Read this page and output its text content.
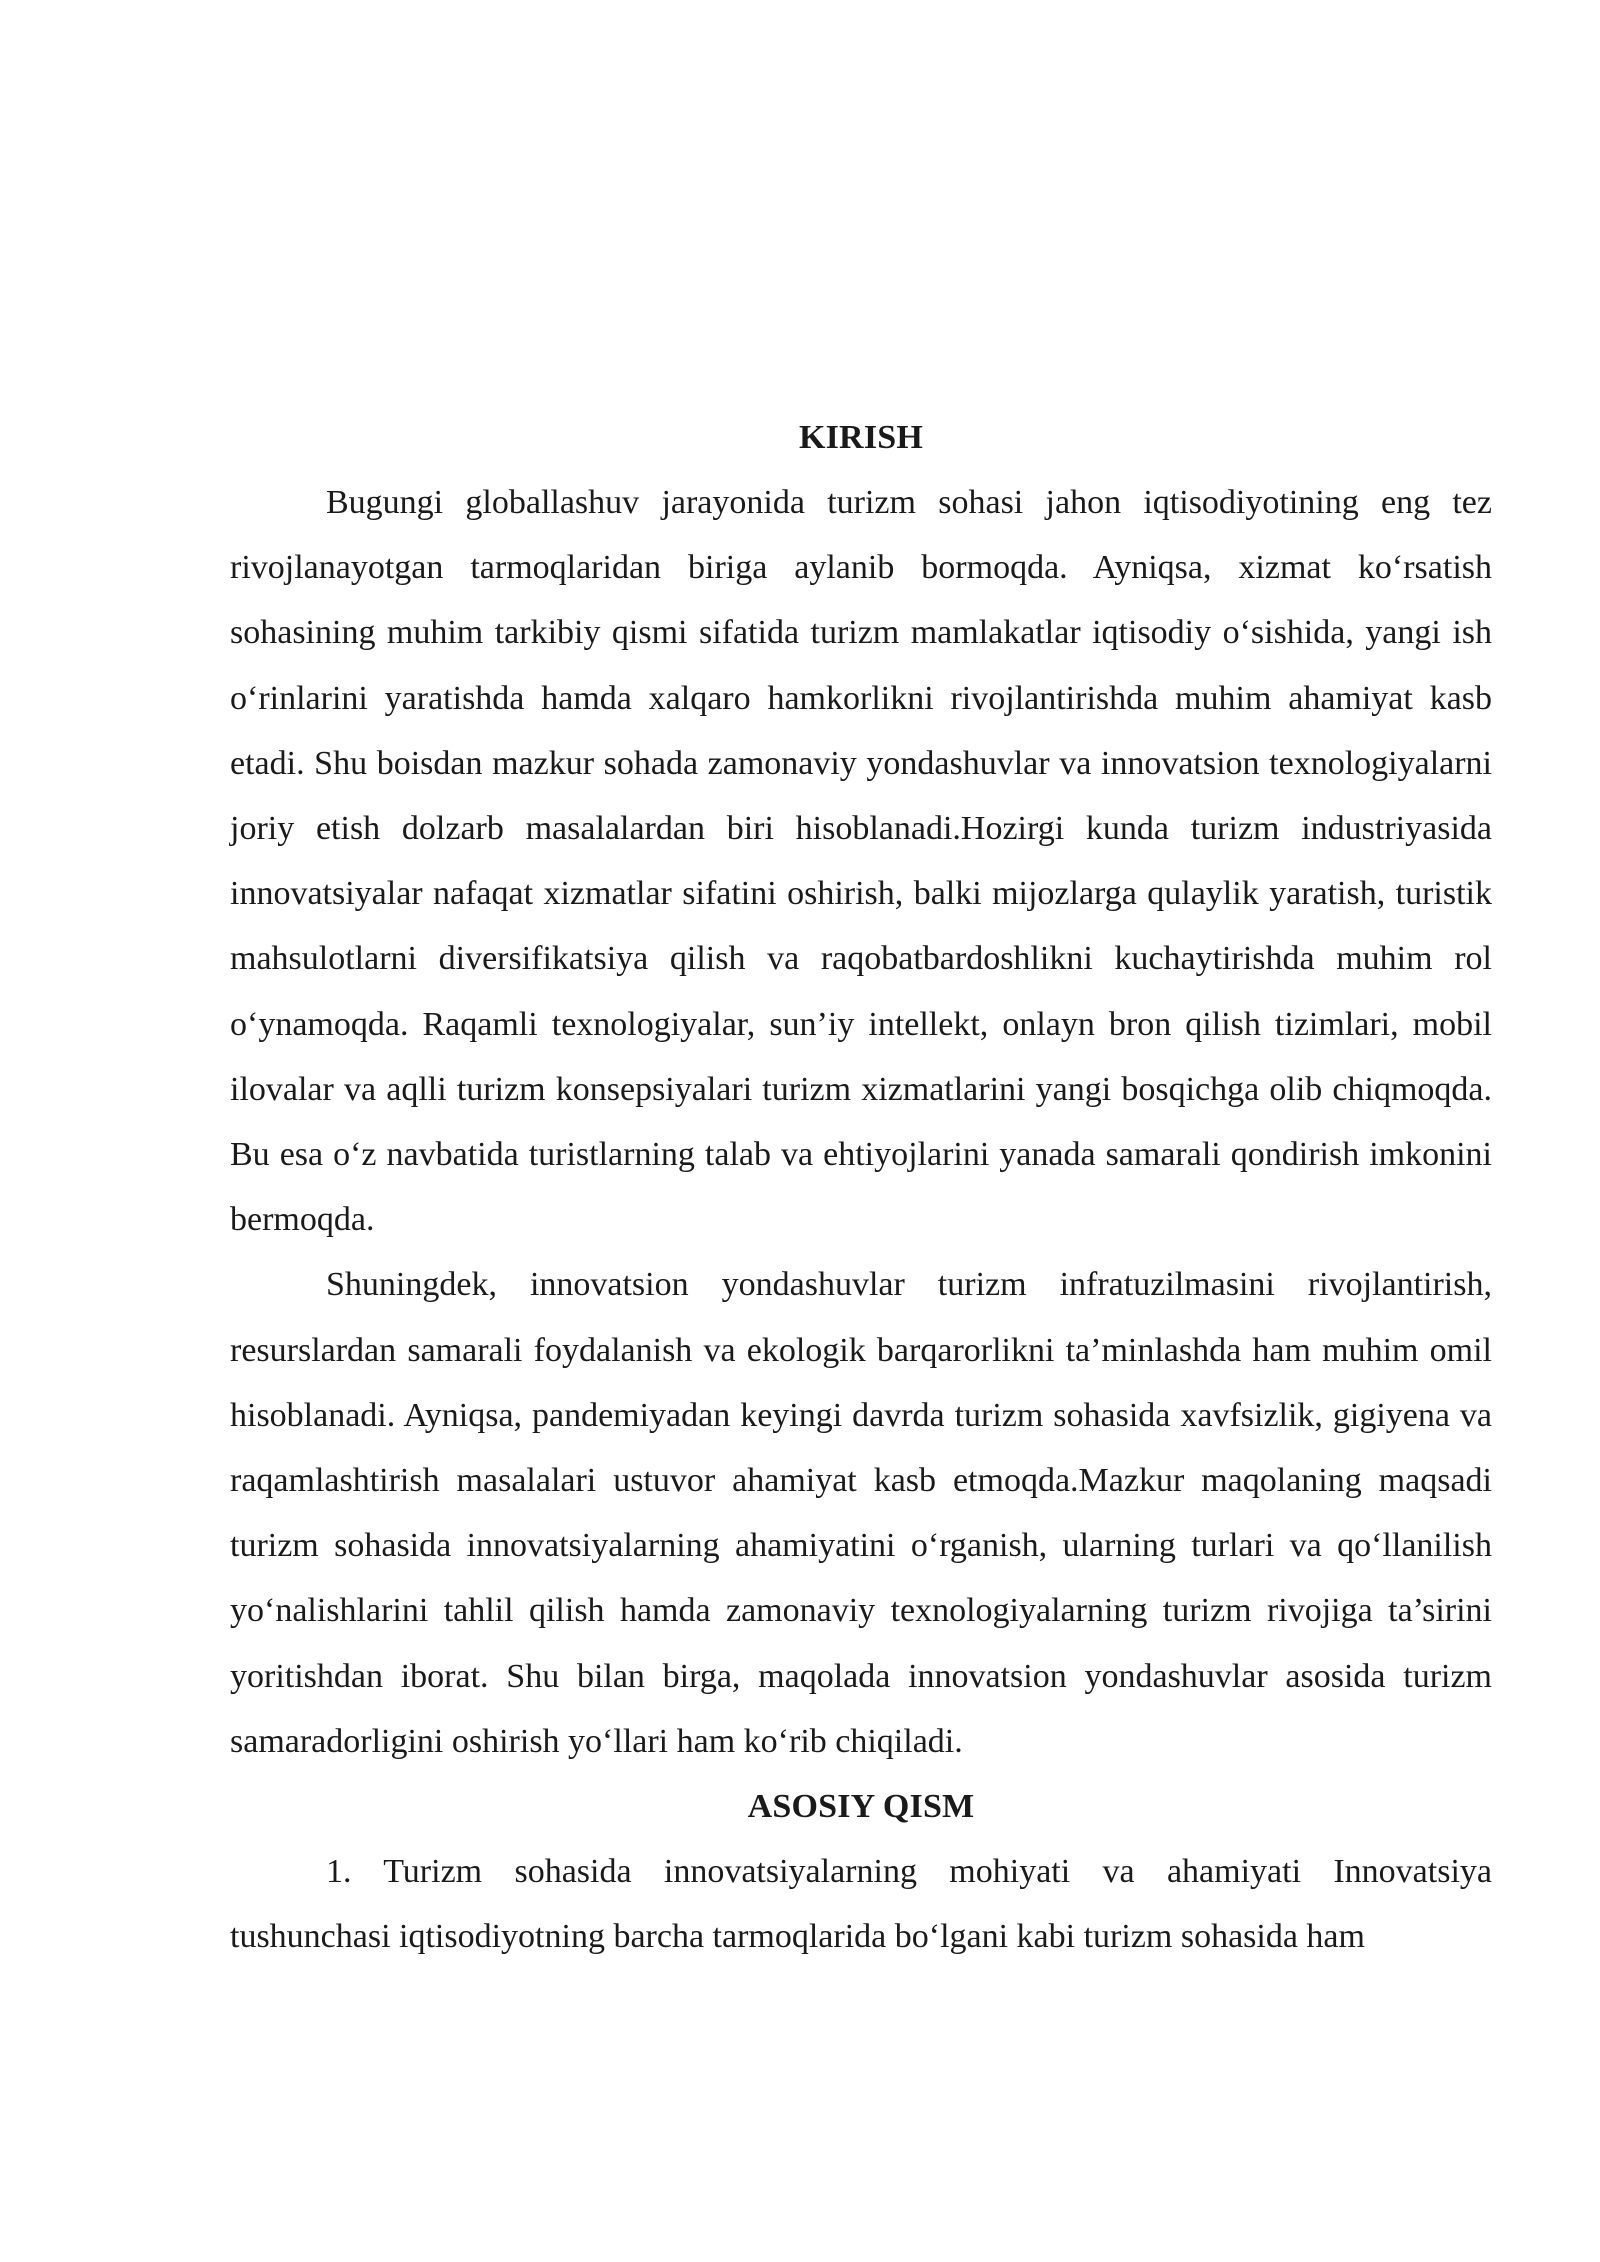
KIRISH

Bugungi globallashuv jarayonida turizm sohasi jahon iqtisodiyotining eng tez rivojlanayotgan tarmoqlaridan biriga aylanib bormoqda. Ayniqsa, xizmat ko‘rsatish sohasining muhim tarkibiy qismi sifatida turizm mamlakatlar iqtisodiy o‘sishida, yangi ish o‘rinlarini yaratishda hamda xalqaro hamkorlikni rivojlantirishda muhim ahamiyat kasb etadi. Shu boisdan mazkur sohada zamonaviy yondashuvlar va innovatsion texnologiyalarni joriy etish dolzarb masalalardan biri hisoblanadi.Hozirgi kunda turizm industriyasida innovatsiyalar nafaqat xizmatlar sifatini oshirish, balki mijozlarga qulaylik yaratish, turistik mahsulotlarni diversifikatsiya qilish va raqobatbardoshlikni kuchaytirishda muhim rol o‘ynamoqda. Raqamli texnologiyalar, sun’iy intellekt, onlayn bron qilish tizimlari, mobil ilovalar va aqlli turizm konsepsiyalari turizm xizmatlarini yangi bosqichga olib chiqmoqda. Bu esa o‘z navbatida turistlarning talab va ehtiyojlarini yanada samarali qondirish imkonini bermoqda.

Shuningdek, innovatsion yondashuvlar turizm infratuzilmasini rivojlantirish, resurslardan samarali foydalanish va ekologik barqarorlikni ta’minlashda ham muhim omil hisoblanadi. Ayniqsa, pandemiyadan keyingi davrda turizm sohasida xavfsizlik, gigiyena va raqamlashtirish masalalari ustuvor ahamiyat kasb etmoqda.Mazkur maqolaning maqsadi turizm sohasida innovatsiyalarning ahamiyatini o‘rganish, ularning turlari va qo‘llanilish yo‘nalishlarini tahlil qilish hamda zamonaviy texnologiyalarning turizm rivojiga ta’sirini yoritishdan iborat. Shu bilan birga, maqolada innovatsion yondashuvlar asosida turizm samaradorligini oshirish yo‘llari ham ko‘rib chiqiladi.

ASOSIY QISM

1. Turizm sohasida innovatsiyalarning mohiyati va ahamiyati Innovatsiya tushunchasi iqtisodiyotning barcha tarmoqlarida bo‘lgani kabi turizm sohasida ham
